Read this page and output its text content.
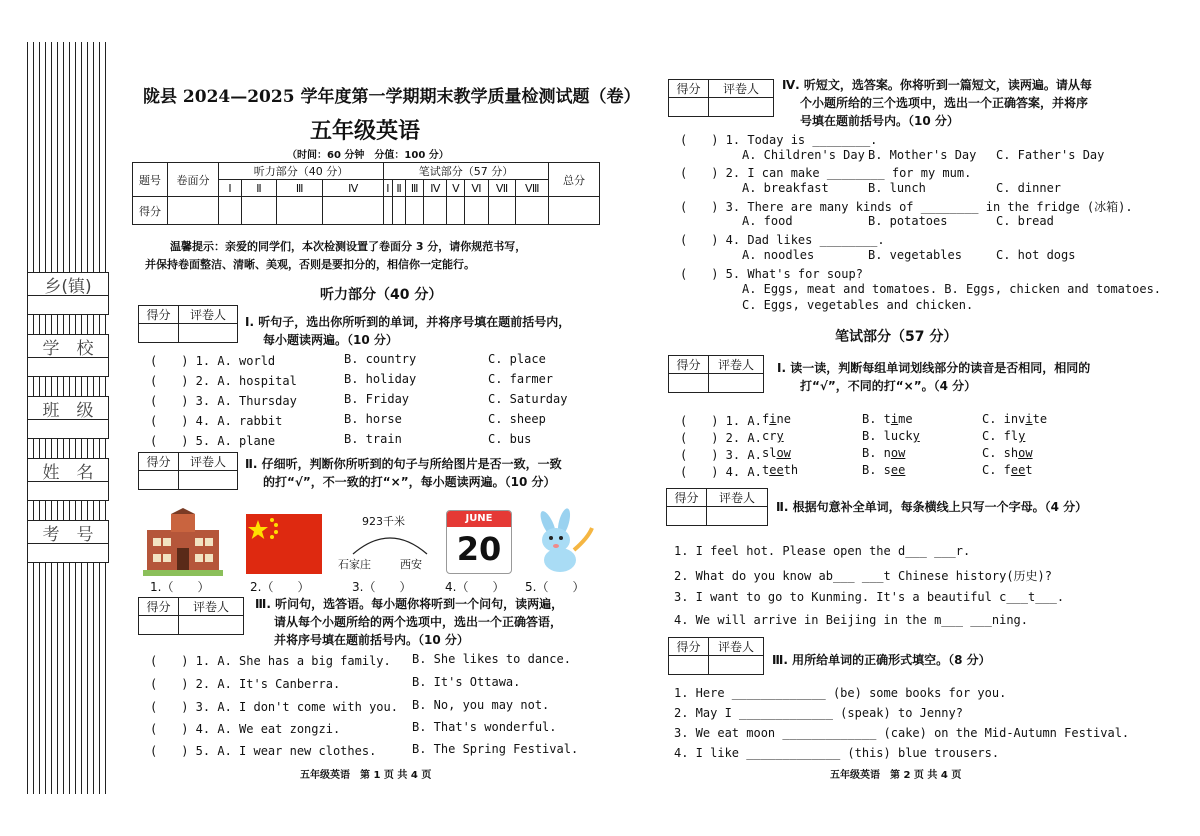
乡(镇)
学　校
班　级
姓　名
考　号
陇县 2024—2025 学年度第一学期期末教学质量检测试题（卷）
五年级英语
（时间：60 分钟　分值：100 分）
题号	卷面分	听力部分（40 分）				笔试部分（57 分）								总分
		Ⅰ	Ⅱ	Ⅲ	Ⅳ	Ⅰ	Ⅱ	Ⅲ	Ⅳ	Ⅴ	Ⅵ	Ⅶ	Ⅷ	
得分														
温馨提示：亲爱的同学们，本次检测设置了卷面分 3 分，请你规范书写，
并保持卷面整洁、清晰、美观，否则是要扣分的，相信你一定能行。
听力部分（40 分）
得分	评卷人	Ⅰ. 听句子，选出你所听到的单词，并将序号填在题前括号内，
每小题读两遍。（10 分）
(　　) 1. A. world	B. country	C. place
(　　) 2. A. hospital	B. holiday	C. farmer
(　　) 3. A. Thursday	B. Friday	C. Saturday
(　　) 4. A. rabbit	B. horse	C. sheep
(　　) 5. A. plane	B. train	C. bus
得分	评卷人	Ⅱ. 仔细听，判断你所听到的句子与所给图片是否一致，一致
的打“√”，不一致的打“×”，每小题读两遍。（10 分）
923千米
石家庄	西安
JUNE
20
1.（　　）	2.（　　）	3.（　　）	4.（　　） 5.（　　）
得分	评卷人	Ⅲ. 听问句，选答语。每小题你将听到一个问句，读两遍，
请从每个小题所给的两个选项中，选出一个正确答语，
并将序号填在题前括号内。（10 分）
(　　) 1. A. She has a big family. B. She likes to dance.
(　　) 2. A. It's Canberra.	B. It's Ottawa.
(　　) 3. A. I don't come with you. B. No, you may not.
(　　) 4. A. We eat zongzi.	B. That's wonderful.
(　　) 5. A. I wear new clothes.	B. The Spring Festival.
五年级英语　第 1 页 共 4 页
得分	评卷人	Ⅳ. 听短文，选答案。你将听到一篇短文，读两遍。请从每
个小题所给的三个选项中，选出一个正确答案，并将序
号填在题前括号内。（10 分）
(　　) 1. Today is ________.
A. Children's Day B. Mother's Day C. Father's Day
(　　) 2. I can make ________ for my mum.
A. breakfast	B. lunch	C. dinner
(　　) 3. There are many kinds of ________ in the fridge (冰箱).
A. food	B. potatoes	C. bread
(　　) 4. Dad likes ________.
A. noodles	B. vegetables	C. hot dogs
(　　) 5. What's for soup?
A. Eggs, meat and tomatoes. B. Eggs, chicken and tomatoes.
C. Eggs, vegetables and chicken.
笔试部分（57 分）
得分	评卷人	Ⅰ. 读一读，判断每组单词划线部分的读音是否相同，相同的
打“√”，不同的打“×”。（4 分）
(　　) 1. A. fine	B. time	C. invite
(　　) 2. A. cry	B. lucky	C. fly
(　　) 3. A. slow	B. now	C. show
(　　) 4. A. teeth	B. see	C. feet
得分	评卷人
Ⅱ. 根据句意补全单词，每条横线上只写一个字母。（4 分）
1. I feel hot. Please open the d___ ___r.
2. What do you know ab___ ___t Chinese history(历史)?
3. I want to go to Kunming. It's a beautiful c___t___.
4. We will arrive in Beijing in the m___ ___ning.
得分	评卷人
Ⅲ. 用所给单词的正确形式填空。（8 分）
1. Here _____________ (be) some books for you.
2. May I _____________ (speak) to Jenny?
3. We eat moon _____________ (cake) on the Mid-Autumn Festival.
4. I like _____________ (this) blue trousers.
五年级英语　第 2 页 共 4 页
